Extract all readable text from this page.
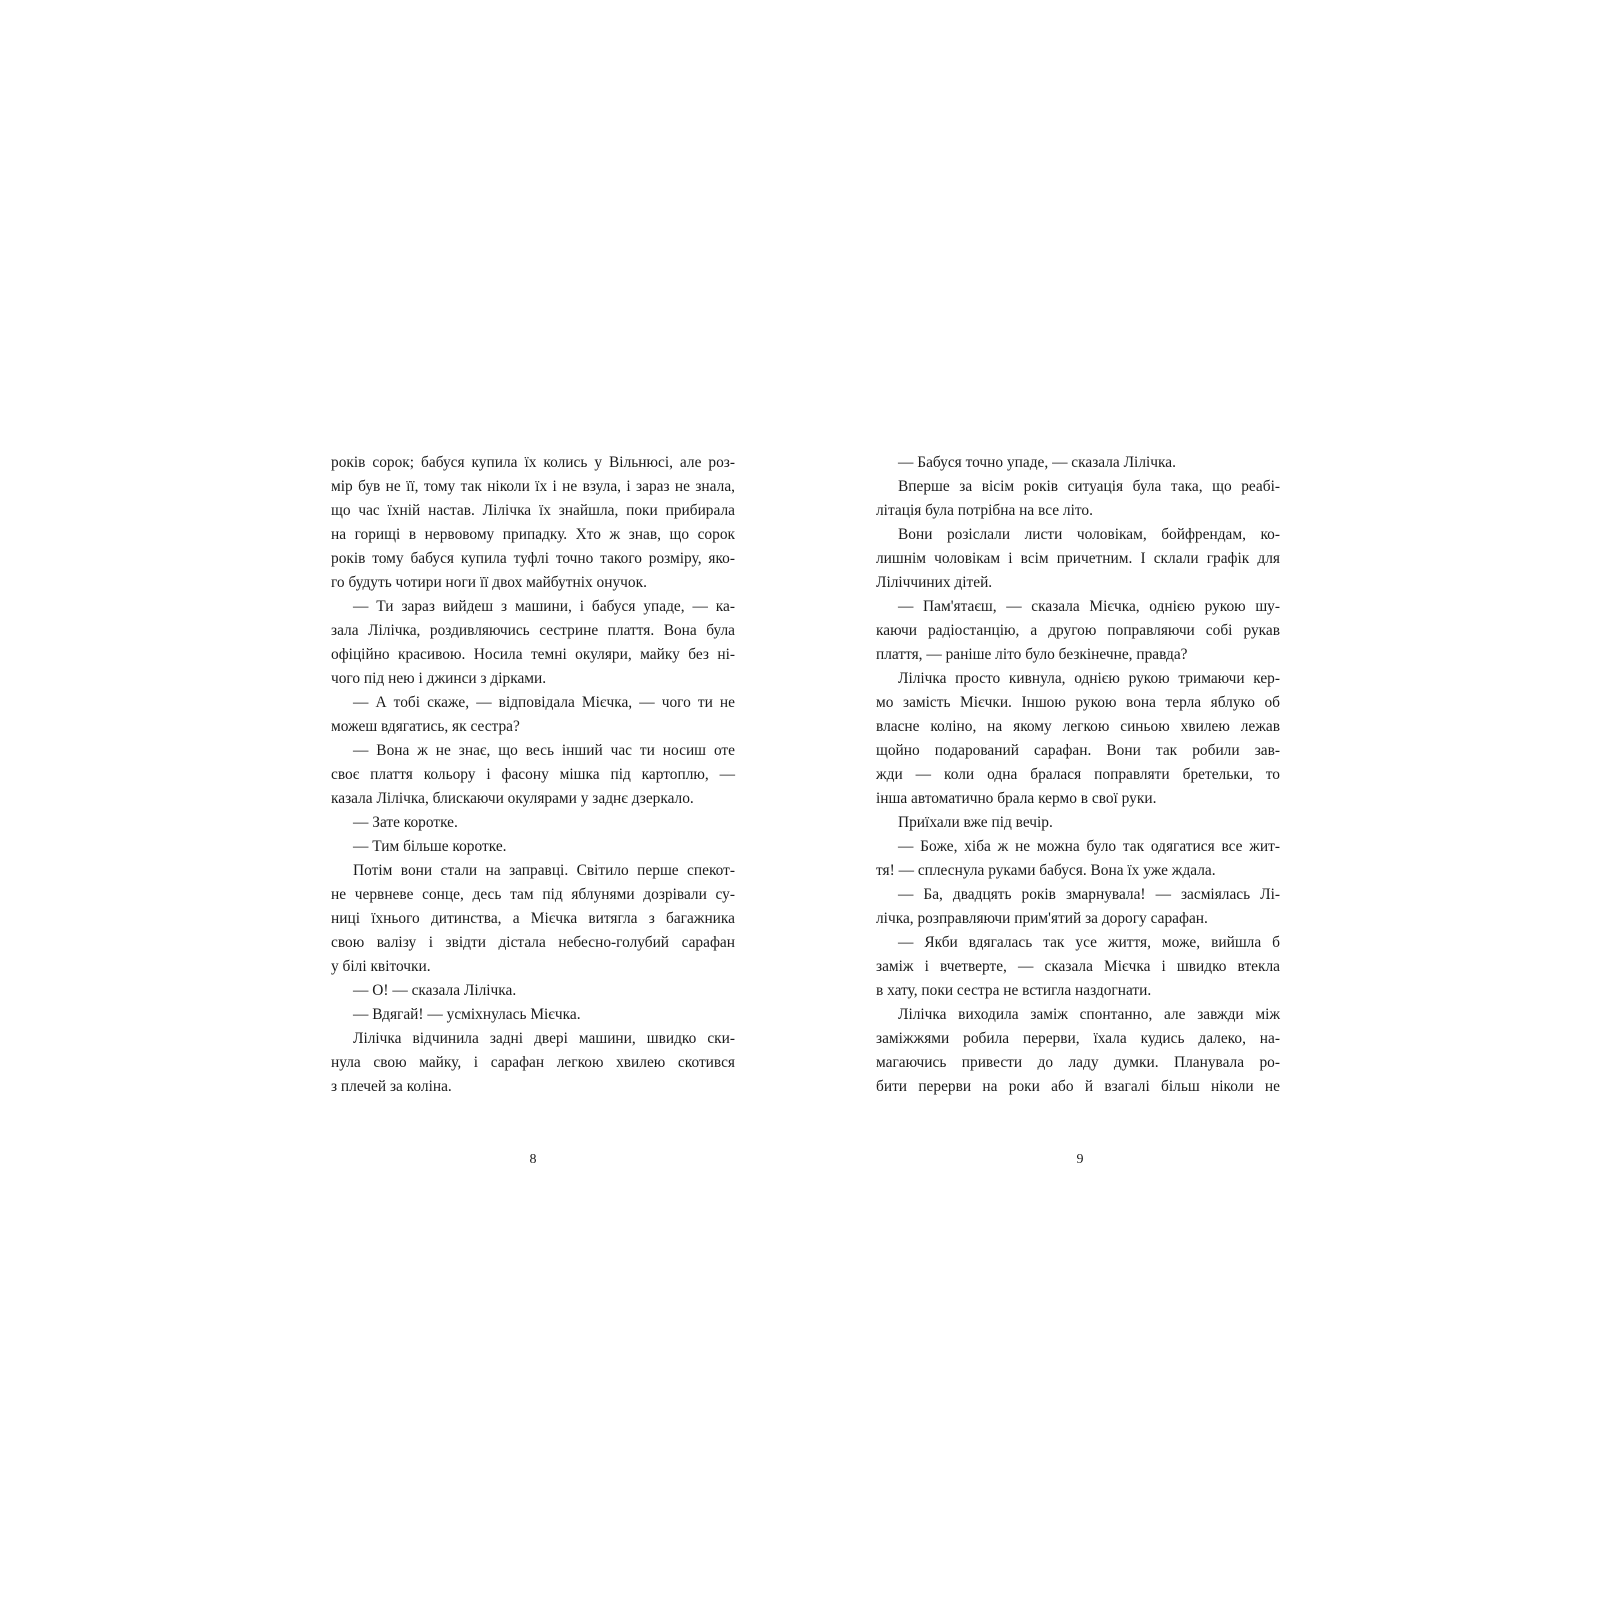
років сорок; бабуся купила їх колись у Вільнюсі, але роз-
мір був не її, тому так ніколи їх і не взула, і зараз не знала,
що час їхній настав. Лілічка їх знайшла, поки прибирала
на горищі в нервовому припадку. Хто ж знав, що сорок
років тому бабуся купила туфлі точно такого розміру, яко-
го будуть чотири ноги її двох майбутніх онучок.
— Ти зараз вийдеш з машини, і бабуся упаде, — ка-
зала Лілічка, роздивляючись сестрине плаття. Вона була
офіційно красивою. Носила темні окуляри, майку без ні-
чого під нею і джинси з дірками.
— А тобі скаже, — відповідала Мієчка, — чого ти не
можеш вдягатись, як сестра?
— Вона ж не знає, що весь інший час ти носиш оте
своє плаття кольору і фасону мішка під картоплю, —
казала Лілічка, блискаючи окулярами у заднє дзеркало.
— Зате коротке.
— Тим більше коротке.
Потім вони стали на заправці. Світило перше спекот-
не червневе сонце, десь там під яблунями дозрівали су-
ниці їхнього дитинства, а Мієчка витягла з багажника
свою валізу і звідти дістала небесно-голубий сарафан
у білі квіточки.
— О! — сказала Лілічка.
— Вдягай! — усміхнулась Мієчка.
Лілічка відчинила задні двері машини, швидко ски-
нула свою майку, і сарафан легкою хвилею скотився
з плечей за коліна.
8
— Бабуся точно упаде, — сказала Лілічка.
Вперше за вісім років ситуація була така, що реабі-
літація була потрібна на все літо.
Вони розіслали листи чоловікам, бойфрендам, ко-
лишнім чоловікам і всім причетним. І склали графік для
Ліліччиних дітей.
— Пам'ятаєш, — сказала Мієчка, однією рукою шу-
каючи радіостанцію, а другою поправляючи собі рукав
плаття, — раніше літо було безкінечне, правда?
Лілічка просто кивнула, однією рукою тримаючи кер-
мо замість Мієчки. Іншою рукою вона терла яблуко об
власне коліно, на якому легкою синьою хвилею лежав
щойно подарований сарафан. Вони так робили зав-
жди — коли одна бралася поправляти бретельки, то
інша автоматично брала кермо в свої руки.
Приїхали вже під вечір.
— Боже, хіба ж не можна було так одягатися все жит-
тя! — сплеснула руками бабуся. Вона їх уже ждала.
— Ба, двадцять років змарнувала! — засміялась Лі-
лічка, розправляючи прим'ятий за дорогу сарафан.
— Якби вдягалась так усе життя, може, вийшла б
заміж і вчетверте, — сказала Мієчка і швидко втекла
в хату, поки сестра не встигла наздогнати.
Лілічка виходила заміж спонтанно, але завжди між
заміжжями робила перерви, їхала кудись далеко, на-
магаючись привести до ладу думки. Планувала ро-
бити перерви на роки або й взагалі більш ніколи не
9
